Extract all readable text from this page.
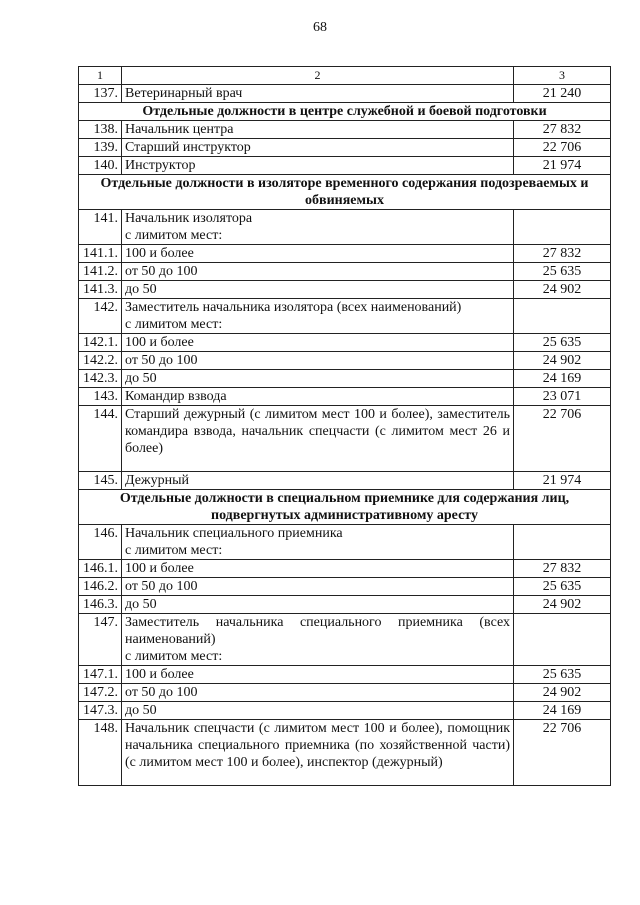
68
1	2	3
137.	Ветеринарный врач	21 240
Отдельные должности в центре служебной и боевой подготовки		
138.	Начальник центра	27 832
139.	Старший инструктор	22 706
140.	Инструктор	21 974
Отдельные должности в изоляторе временного содержания подозреваемых и обвиняемых		
141.	Начальник изолятора
с лимитом мест:	

141.1.	100 и более	27 832
141.2.	от 50 до 100	25 635
141.3.	до 50	24 902
142.	Заместитель начальника изолятора (всех наименований)
с лимитом мест:	

142.1.	100 и более	25 635
142.2.	от 50 до 100	24 902
142.3.	до 50	24 169
143.	Командир взвода	23 071
144.	Старший дежурный (с лимитом мест 100 и более), заместитель командира взвода, начальник спецчасти (с лимитом мест 26 и более)	22 706
145.	Дежурный	21 974
Отдельные должности в специальном приемнике для содержания лиц, подвергнутых административному аресту		
146.	Начальник специального приемника
с лимитом мест:	

146.1.	100 и более	27 832
146.2.	от 50 до 100	25 635
146.3.	до 50	24 902
147.	Заместитель начальника специального приемника (всех наименований)
с лимитом мест:	

147.1.	100 и более	25 635
147.2.	от 50 до 100	24 902
147.3.	до 50	24 169
148.	Начальник спецчасти (с лимитом мест 100 и более), помощник начальника специального приемника (по хозяйственной части) (с лимитом мест 100 и более), инспектор (дежурный)	22 706
